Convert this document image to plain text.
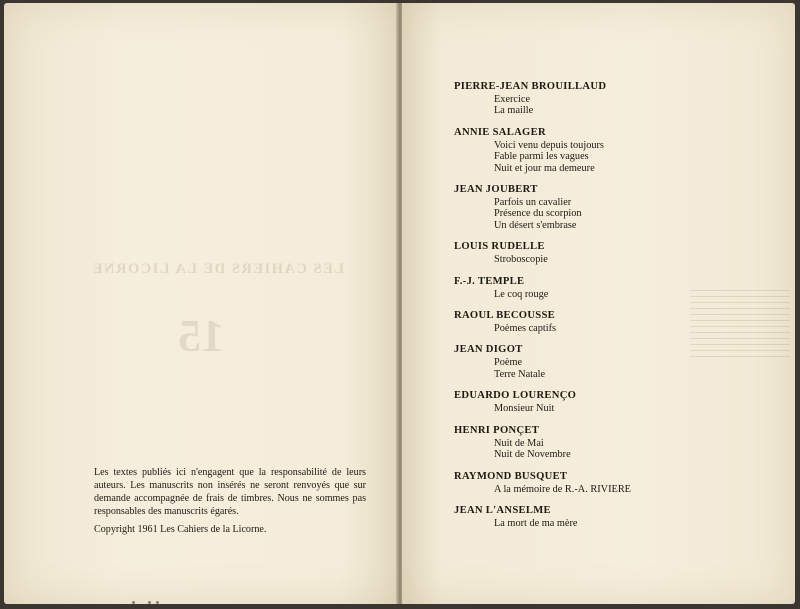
LES CAHIERS DE LA LICORNE
15

Les textes publiés ici n'engagent que la responsabilité de leurs auteurs. Les manuscrits non insérés ne seront renvoyés que sur demande accompagnée de frais de timbres. Nous ne sommes pas responsables des manuscrits égarés.

Copyright 1961 Les Cahiers de la Licorne.
PIERRE-JEAN BROUILLAUD
Exercice
La maille
ANNIE SALAGER
Voici venu depuis toujours
Fable parmi les vagues
Nuit et jour ma demeure
JEAN JOUBERT
Parfois un cavalier
Présence du scorpion
Un désert s'embrase
LOUIS RUDELLE
Stroboscopie
F.-J. TEMPLE
Le coq rouge
RAOUL BECOUSSE
Poèmes captifs
JEAN DIGOT
Poème
Terre Natale
EDUARDO LOURENÇO
Monsieur Nuit
HENRI PONÇET
Nuit de Mai
Nuit de Novembre
RAYMOND BUSQUET
A la mémoire de R.-A. RIVIERE
JEAN L'ANSELME
La mort de ma mère
